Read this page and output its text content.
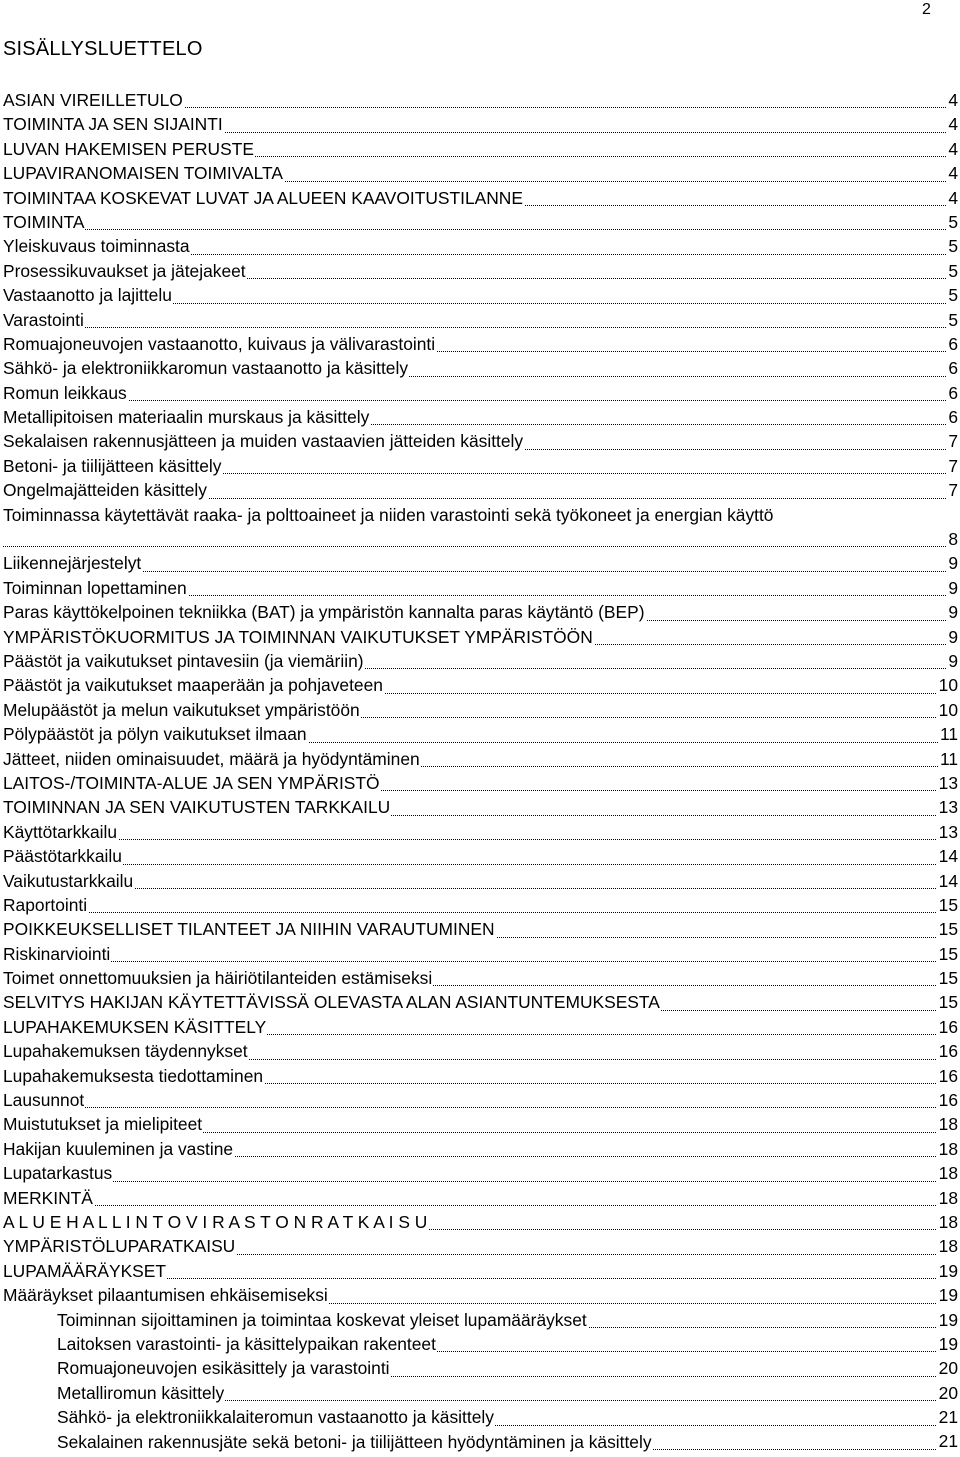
2
SISÄLLYSLUETTELO
ASIAN VIREILLETULO	4
TOIMINTA JA SEN SIJAINTI	4
LUVAN HAKEMISEN PERUSTE	4
LUPAVIRANOMAISEN TOIMIVALTA	4
TOIMINTAA KOSKEVAT LUVAT JA ALUEEN KAAVOITUSTILANNE	4
TOIMINTA	5
Yleiskuvaus toiminnasta	5
Prosessikuvaukset ja jätejakeet	5
Vastaanotto ja lajittelu	5
Varastointi	5
Romuajoneuvojen vastaanotto, kuivaus ja välivarastointi	6
Sähkö- ja elektroniikkaromun vastaanotto ja käsittely	6
Romun leikkaus	6
Metallipitoisen materiaalin murskaus ja käsittely	6
Sekalaisen rakennusjätteen ja muiden vastaavien jätteiden käsittely	7
Betoni- ja tiilijätteen käsittely	7
Ongelmajätteiden käsittely	7
Toiminnassa käytettävät raaka- ja polttoaineet ja niiden varastointi sekä työkoneet ja energian käyttö
8
Liikennejärjestelyt	9
Toiminnan lopettaminen	9
Paras käyttökelpoinen tekniikka (BAT) ja ympäristön kannalta paras käytäntö (BEP)	9
YMPÄRISTÖKUORMITUS JA TOIMINNAN VAIKUTUKSET YMPÄRISTÖÖN	9
Päästöt ja vaikutukset pintavesiin (ja viemäriin)	9
Päästöt ja vaikutukset maaperään ja pohjaveteen	10
Melupäästöt ja melun vaikutukset ympäristöön	10
Pölypäästöt ja pölyn vaikutukset ilmaan	11
Jätteet, niiden ominaisuudet, määrä ja hyödyntäminen	11
LAITOS-/TOIMINTA-ALUE JA SEN YMPÄRISTÖ	13
TOIMINNAN JA SEN VAIKUTUSTEN TARKKAILU	13
Käyttötarkkailu	13
Päästötarkkailu	14
Vaikutustarkkailu	14
Raportointi	15
POIKKEUKSELLISET TILANTEET JA NIIHIN VARAUTUMINEN	15
Riskinarviointi	15
Toimet onnettomuuksien ja häiriötilanteiden estämiseksi	15
SELVITYS HAKIJAN KÄYTETTÄVISSÄ OLEVASTA ALAN ASIANTUNTEMUKSESTA	15
LUPAHAKEMUKSEN KÄSITTELY	16
Lupahakemuksen täydennykset	16
Lupahakemuksesta tiedottaminen	16
Lausunnot	16
Muistutukset ja mielipiteet	18
Hakijan kuuleminen ja vastine	18
Lupatarkastus	18
MERKINTÄ	18
A L U E H A L L I N T O V I R A S T O N R A T K A I S U	18
YMPÄRISTÖLUPARATKAISU	18
LUPAMÄÄRÄYKSET	19
Määräykset pilaantumisen ehkäisemiseksi	19
Toiminnan sijoittaminen ja toimintaa koskevat yleiset lupamääräykset	19
Laitoksen varastointi- ja käsittelypaikan rakenteet	19
Romuajoneuvojen esikäsittely ja varastointi	20
Metalliromun käsittely	20
Sähkö- ja elektroniikkalaiteromun vastaanotto ja käsittely	21
Sekalainen rakennusjäte sekä betoni- ja tiilijätteen hyödyntäminen ja käsittely	21
